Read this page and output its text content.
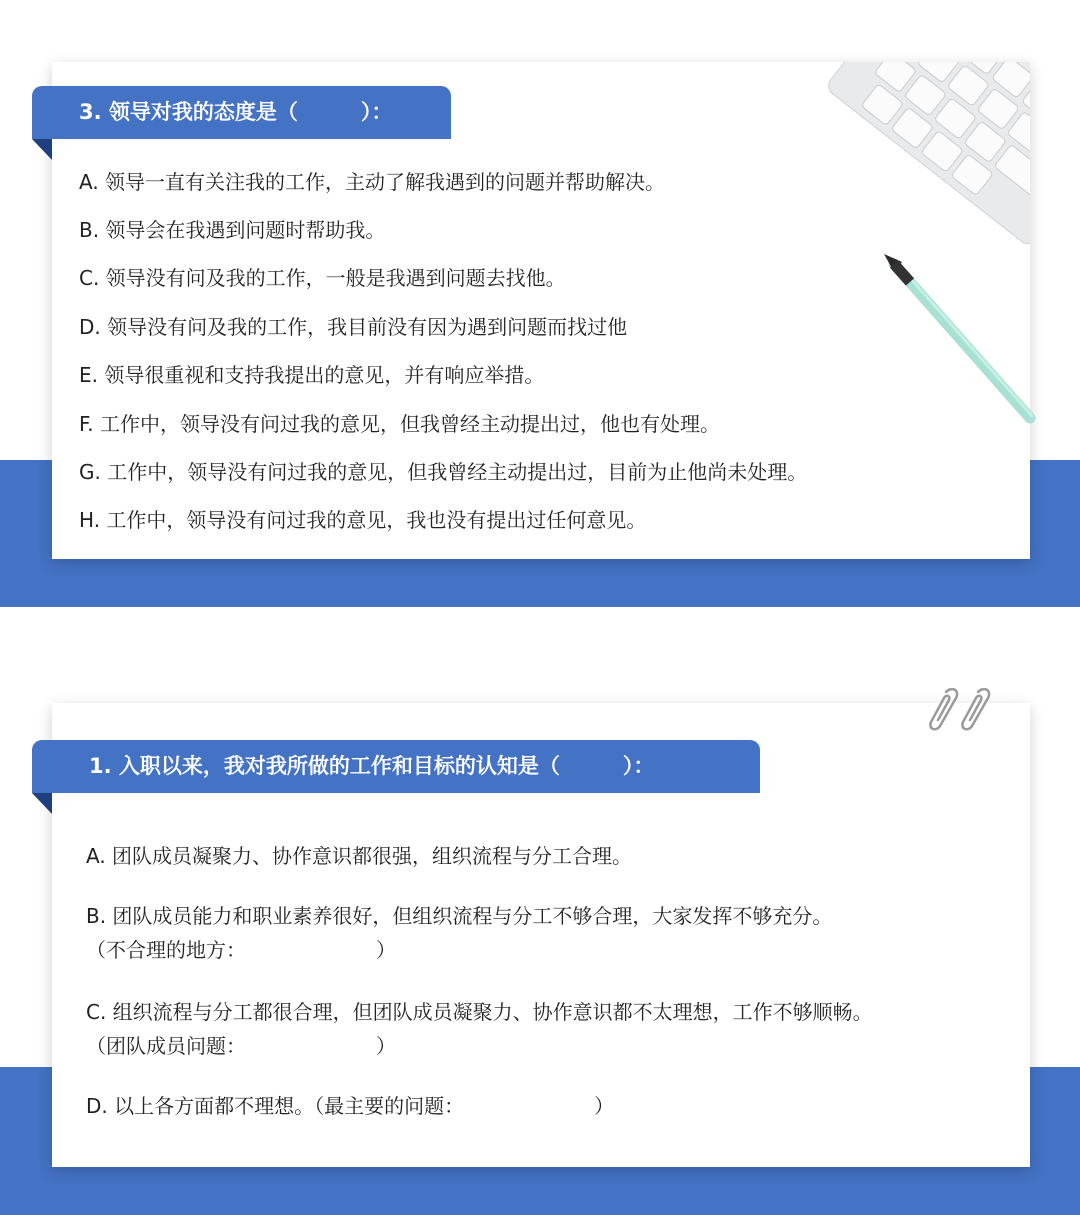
3. 领导对我的态度是（　　　）：
A. 领导一直有关注我的工作，主动了解我遇到的问题并帮助解决。
B. 领导会在我遇到问题时帮助我。
C. 领导没有问及我的工作，一般是我遇到问题去找他。
D. 领导没有问及我的工作，我目前没有因为遇到问题而找过他
E. 领导很重视和支持我提出的意见，并有响应举措。
F. 工作中，领导没有问过我的意见，但我曾经主动提出过，他也有处理。
G. 工作中，领导没有问过我的意见，但我曾经主动提出过，目前为止他尚未处理。
H. 工作中，领导没有问过我的意见，我也没有提出过任何意见。
1. 入职以来，我对我所做的工作和目标的认知是（　　　）：
A. 团队成员凝聚力、协作意识都很强，组织流程与分工合理。
B. 团队成员能力和职业素养很好，但组织流程与分工不够合理，大家发挥不够充分。
（不合理的地方：　　　　　　　）
C. 组织流程与分工都很合理，但团队成员凝聚力、协作意识都不太理想，工作不够顺畅。
（团队成员问题：　　　　　　　）
D. 以上各方面都不理想。（最主要的问题：　　　　　　　）
